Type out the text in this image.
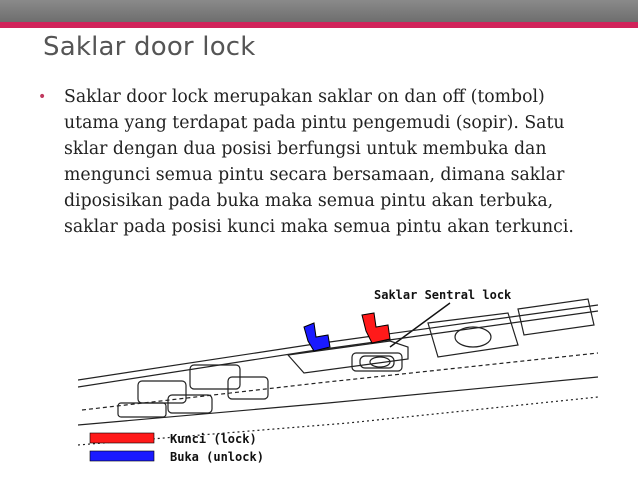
Saklar door lock
•	Saklar door lock merupakan saklar on dan off (tombol) utama yang terdapat pada pintu pengemudi (sopir). Satu sklar dengan dua posisi berfungsi untuk membuka dan mengunci semua pintu secara bersamaan, dimana saklar diposisikan pada buka maka semua pintu akan terbuka, saklar pada posisi kunci maka semua pintu akan terkunci.
Saklar Sentral lock
Kunci (lock)
Buka (unlock)
